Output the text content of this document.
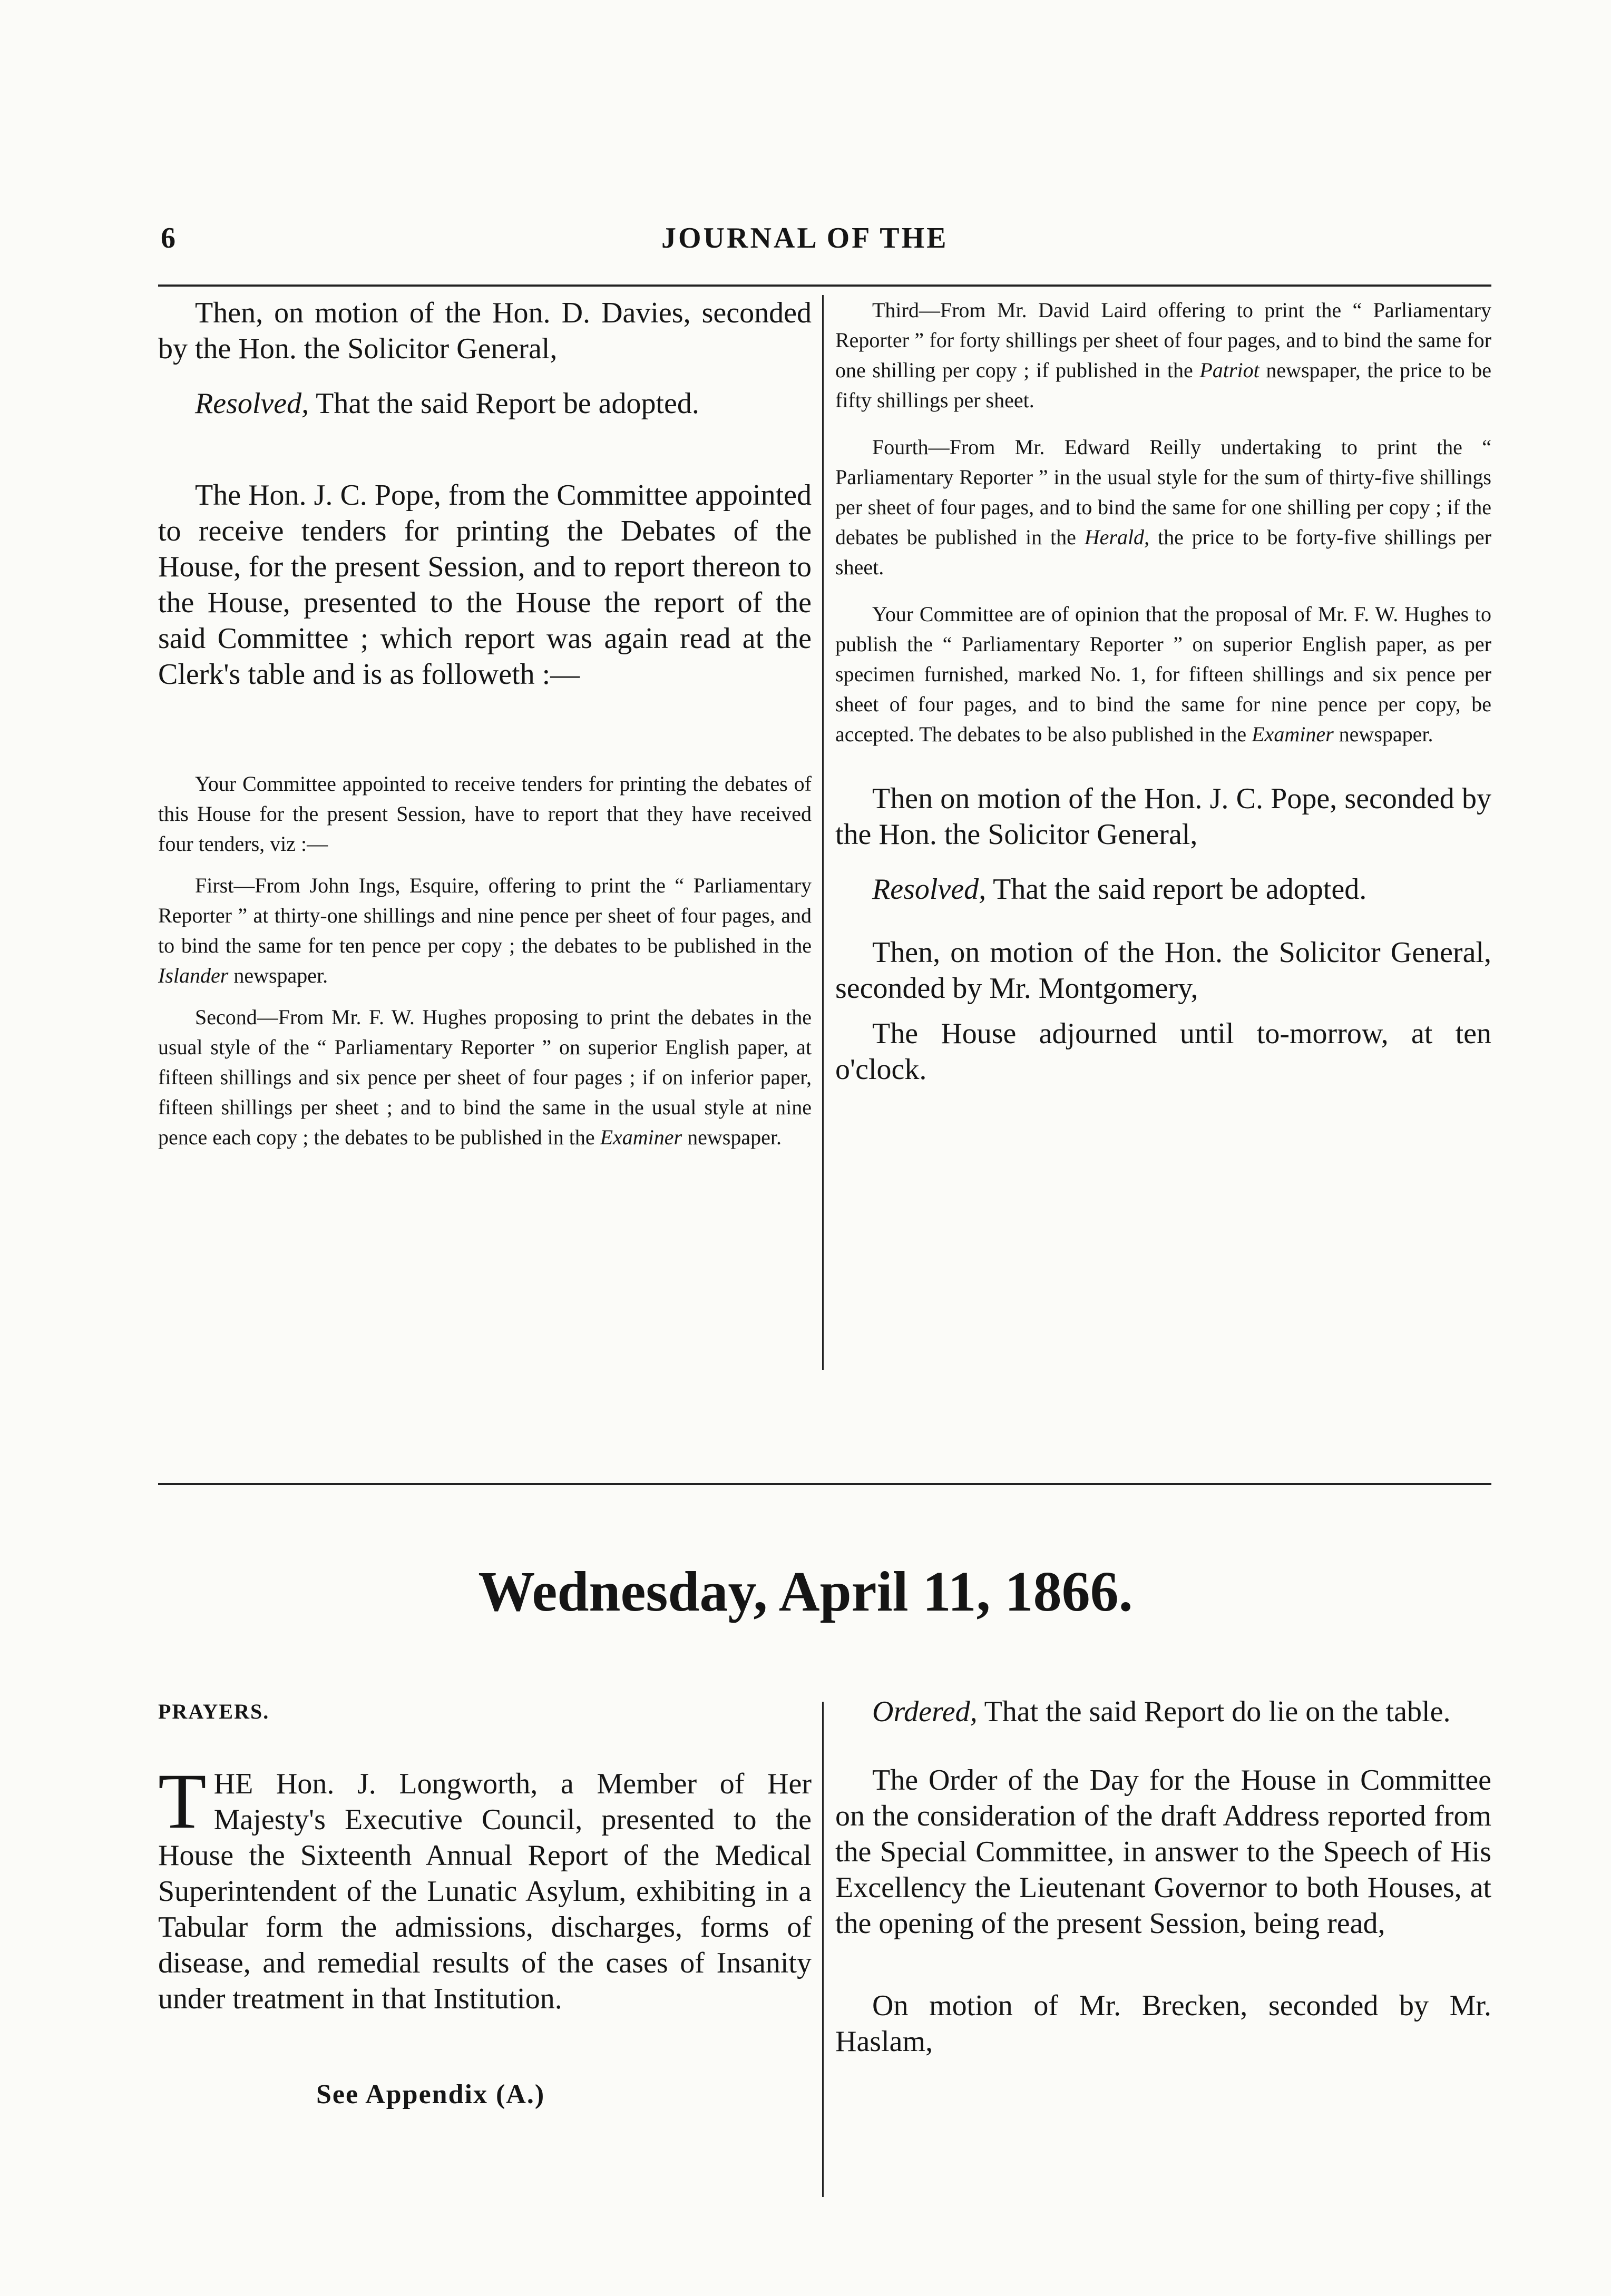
6	JOURNAL OF THE

Then, on motion of the Hon. D. Davies, seconded by the Hon. the Solicitor General,

Resolved, That the said Report be adopted.

The Hon. J. C. Pope, from the Committee appointed to receive tenders for printing the Debates of the House, for the present Session, and to report thereon to the House, presented to the House the report of the said Committee ; which report was again read at the Clerk's table and is as followeth :—

Your Committee appointed to receive tenders for printing the debates of this House for the present Session, have to report that they have received four tenders, viz :—

First—From John Ings, Esquire, offering to print the “ Parliamentary Reporter ” at thirty-one shillings and nine pence per sheet of four pages, and to bind the same for ten pence per copy ; the debates to be published in the Islander newspaper.

Second—From Mr. F. W. Hughes proposing to print the debates in the usual style of the “ Parliamentary Reporter ” on superior English paper, at fifteen shillings and six pence per sheet of four pages ; if on inferior paper, fifteen shillings per sheet ; and to bind the same in the usual style at nine pence each copy ; the debates to be published in the Examiner newspaper.

Third—From Mr. David Laird offering to print the “ Parliamentary Reporter ” for forty shillings per sheet of four pages, and to bind the same for one shilling per copy ; if published in the Patriot newspaper, the price to be fifty shillings per sheet.

Fourth—From Mr. Edward Reilly undertaking to print the “ Parliamentary Reporter ” in the usual style for the sum of thirty-five shillings per sheet of four pages, and to bind the same for one shilling per copy ; if the debates be published in the Herald, the price to be forty-five shillings per sheet.

Your Committee are of opinion that the proposal of Mr. F. W. Hughes to publish the “ Parliamentary Reporter ” on superior English paper, as per specimen furnished, marked No. 1, for fifteen shillings and six pence per sheet of four pages, and to bind the same for nine pence per copy, be accepted. The debates to be also published in the Examiner newspaper.

Then on motion of the Hon. J. C. Pope, seconded by the Hon. the Solicitor General,

Resolved, That the said report be adopted.

Then, on motion of the Hon. the Solicitor General, seconded by Mr. Montgomery,

The House adjourned until to-morrow, at ten o'clock.

Wednesday, April 11, 1866.
PRAYERS.

THE Hon. J. Longworth, a Member of Her Majesty's Executive Council, presented to the House the Sixteenth Annual Report of the Medical Superintendent of the Lunatic Asylum, exhibiting in a Tabular form the admissions, discharges, forms of disease, and remedial results of the cases of Insanity under treatment in that Institution.

See Appendix (A.)

Ordered, That the said Report do lie on the table.

The Order of the Day for the House in Committee on the consideration of the draft Address reported from the Special Committee, in answer to the Speech of His Excellency the Lieutenant Governor to both Houses, at the opening of the present Session, being read,

On motion of Mr. Brecken, seconded by Mr. Haslam,
